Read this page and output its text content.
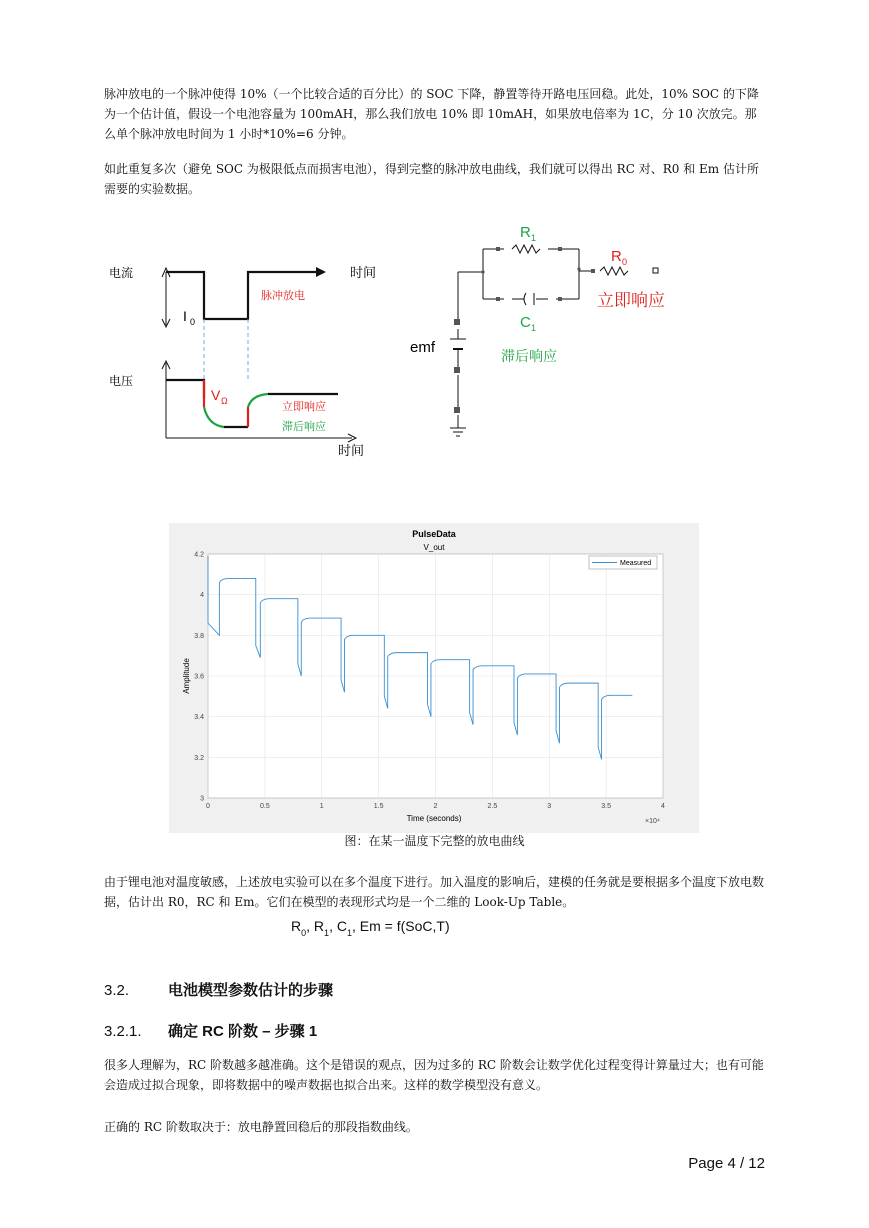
脉冲放电的一个脉冲使得 10%（一个比较合适的百分比）的 SOC 下降，静置等待开路电压回稳。此处，10% SOC 的下降为一个估计值，假设一个电池容量为 100mAH，那么我们放电 10% 即 10mAH，如果放电倍率为 1C，分 10 次放完。那么单个脉冲放电时间为 1 小时*10%=6 分钟。

如此重复多次（避免 SOC 为极限低点而损害电池），得到完整的脉冲放电曲线，我们就可以得出 RC 对、R0 和 Em 估计所需要的实验数据。

电流	时间
I 0
脉冲放电
电压
V Ω	立即响应
滞后响应
时间
R 1
R 0
C 1
emf
立即响应
滞后响应
PulseData
V_out
0	0.5	1	1.5	2	2.5	3	3.5	4
3
3.2
3.4
3.6
3.8
4
4.2
Measured
Time (seconds)
Amplitude
×10⁴
图：在某一温度下完整的放电曲线

由于锂电池对温度敏感，上述放电实验可以在多个温度下进行。加入温度的影响后，建模的任务就是要根据多个温度下放电数据，估计出 R0，RC 和 Em。它们在模型的表现形式均是一个二维的 Look-Up Table。

$R_0$, $R_1$, $C_1$, Em = f(SoC,T)
3.2.	电池模型参数估计的步骤
3.2.1. 确定 RC 阶数 – 步骤 1

很多人理解为，RC 阶数越多越准确。这个是错误的观点，因为过多的 RC 阶数会让数学优化过程变得计算量过大；也有可能会造成过拟合现象，即将数据中的噪声数据也拟合出来。这样的数学模型没有意义。

正确的 RC 阶数取决于：放电静置回稳后的那段指数曲线。

Page 4 / 12
